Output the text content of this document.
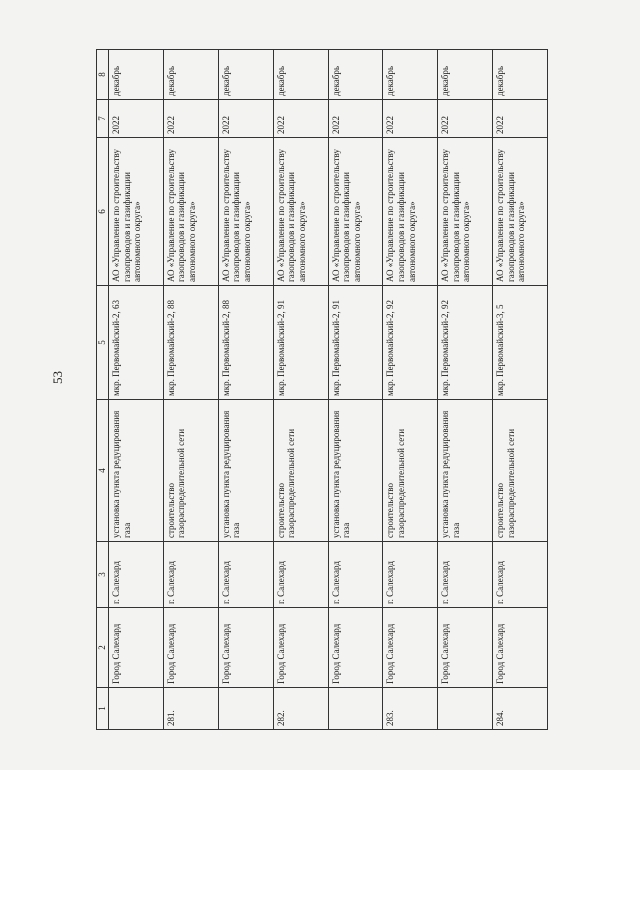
53
1	2	3	4	5	6	7	8
	Город Салехард	г. Салехард	установка пункта редуцирования газа	мкр. Первомайский-2, 63	АО «Управление по строительству газопроводов и газификации автономного округа»	2022	декабрь
281.	Город Салехард	г. Салехард	строительство газораспределительной сети	мкр. Первомайский-2, 88	АО «Управление по строительству газопроводов и газификации автономного округа»	2022	декабрь
	Город Салехард	г. Салехард	установка пункта редуцирования газа	мкр. Первомайский-2, 88	АО «Управление по строительству газопроводов и газификации автономного округа»	2022	декабрь
282.	Город Салехард	г. Салехард	строительство газораспределительной сети	мкр. Первомайский-2, 91	АО «Управление по строительству газопроводов и газификации автономного округа»	2022	декабрь
	Город Салехард	г. Салехард	установка пункта редуцирования газа	мкр. Первомайский-2, 91	АО «Управление по строительству газопроводов и газификации автономного округа»	2022	декабрь
283.	Город Салехард	г. Салехард	строительство газораспределительной сети	мкр. Первомайский-2, 92	АО «Управление по строительству газопроводов и газификации автономного округа»	2022	декабрь
	Город Салехард	г. Салехард	установка пункта редуцирования газа	мкр. Первомайский-2, 92	АО «Управление по строительству газопроводов и газификации автономного округа»	2022	декабрь
284.	Город Салехард	г. Салехард	строительство газораспределительной сети	мкр. Первомайский-3, 5	АО «Управление по строительству газопроводов и газификации автономного округа»	2022	декабрь
